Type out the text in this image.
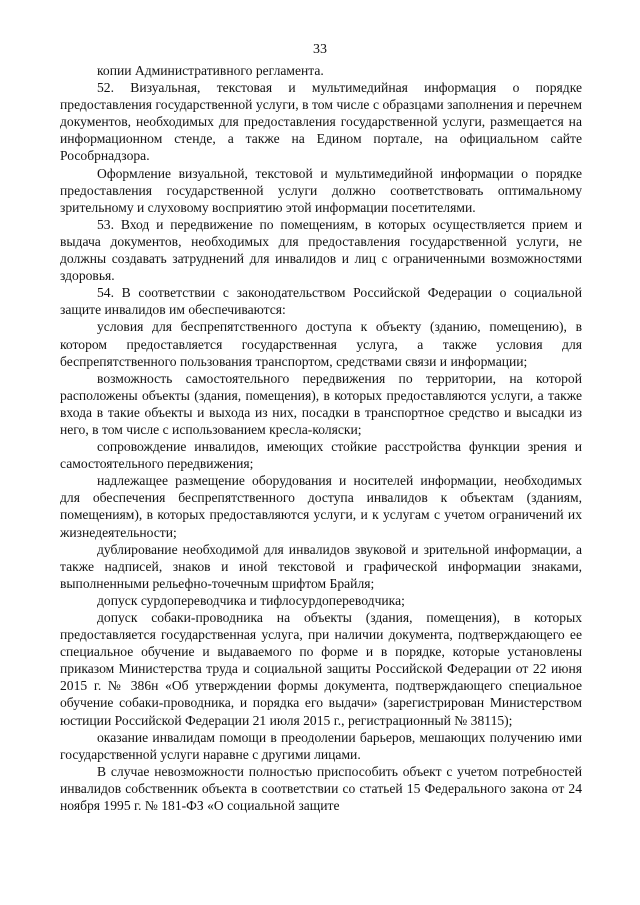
33

копии Административного регламента.

52. Визуальная, текстовая и мультимедийная информация о порядке предоставления государственной услуги, в том числе с образцами заполнения и перечнем документов, необходимых для предоставления государственной услуги, размещается на информационном стенде, а также на Едином портале, на официальном сайте Рособрнадзора.

Оформление визуальной, текстовой и мультимедийной информации о порядке предоставления государственной услуги должно соответствовать оптимальному зрительному и слуховому восприятию этой информации посетителями.

53. Вход и передвижение по помещениям, в которых осуществляется прием и выдача документов, необходимых для предоставления государственной услуги, не должны создавать затруднений для инвалидов и лиц с ограниченными возможностями здоровья.

54. В соответствии с законодательством Российской Федерации о социальной защите инвалидов им обеспечиваются:

условия для беспрепятственного доступа к объекту (зданию, помещению), в котором предоставляется государственная услуга, а также условия для беспрепятственного пользования транспортом, средствами связи и информации;

возможность самостоятельного передвижения по территории, на которой расположены объекты (здания, помещения), в которых предоставляются услуги, а также входа в такие объекты и выхода из них, посадки в транспортное средство и высадки из него, в том числе с использованием кресла-коляски;

сопровождение инвалидов, имеющих стойкие расстройства функции зрения и самостоятельного передвижения;

надлежащее размещение оборудования и носителей информации, необходимых для обеспечения беспрепятственного доступа инвалидов к объектам (зданиям, помещениям), в которых предоставляются услуги, и к услугам с учетом ограничений их жизнедеятельности;

дублирование необходимой для инвалидов звуковой и зрительной информации, а также надписей, знаков и иной текстовой и графической информации знаками, выполненными рельефно-точечным шрифтом Брайля;

допуск сурдопереводчика и тифлосурдопереводчика;

допуск собаки-проводника на объекты (здания, помещения), в которых предоставляется государственная услуга, при наличии документа, подтверждающего ее специальное обучение и выдаваемого по форме и в порядке, которые установлены приказом Министерства труда и социальной защиты Российской Федерации от 22 июня 2015 г. № 386н «Об утверждении формы документа, подтверждающего специальное обучение собаки-проводника, и порядка его выдачи» (зарегистрирован Министерством юстиции Российской Федерации 21 июля 2015 г., регистрационный № 38115);

оказание инвалидам помощи в преодолении барьеров, мешающих получению ими государственной услуги наравне с другими лицами.

В случае невозможности полностью приспособить объект с учетом потребностей инвалидов собственник объекта в соответствии со статьей 15 Федерального закона от 24 ноября 1995 г. № 181-ФЗ «О социальной защите
